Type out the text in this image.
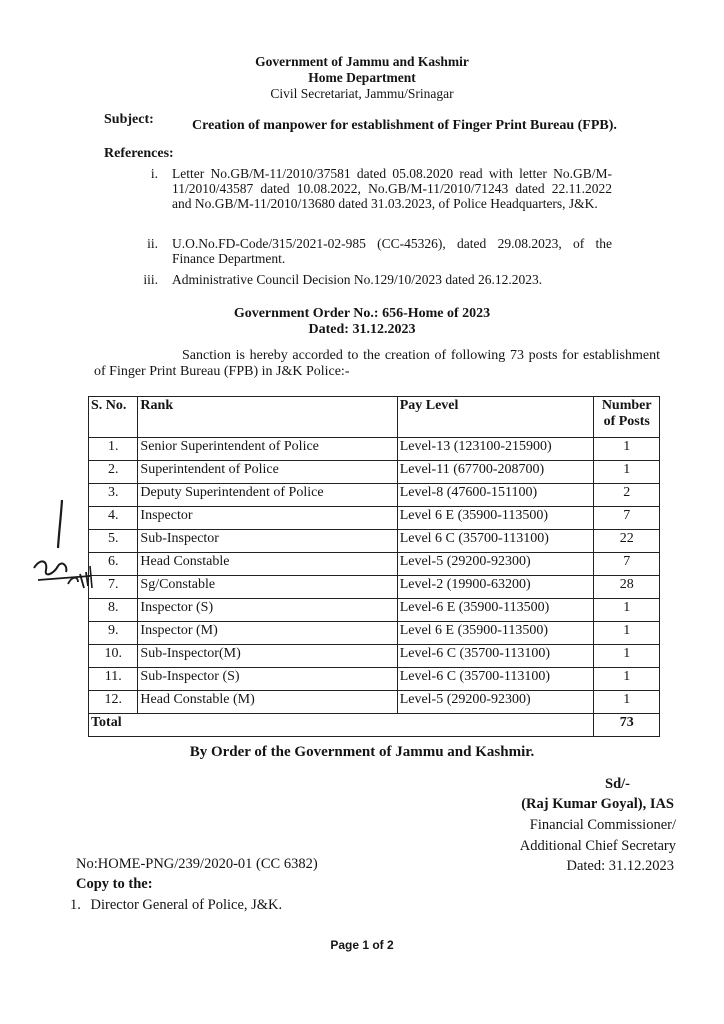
Government of Jammu and Kashmir
Home Department
Civil Secretariat, Jammu/Srinagar
Subject:	Creation of manpower for establishment of Finger Print Bureau (FPB).
References:
i. Letter No.GB/M-11/2010/37581 dated 05.08.2020 read with letter No.GB/M-11/2010/43587 dated 10.08.2022, No.GB/M-11/2010/71243 dated 22.11.2022 and No.GB/M-11/2010/13680 dated 31.03.2023, of Police Headquarters, J&K.
ii. U.O.No.FD-Code/315/2021-02-985 (CC-45326), dated 29.08.2023, of the Finance Department.
iii. Administrative Council Decision No.129/10/2023 dated 26.12.2023.
Government Order No.: 656-Home of 2023
Dated: 31.12.2023
Sanction is hereby accorded to the creation of following 73 posts for establishment of Finger Print Bureau (FPB) in J&K Police:-
S. No.	Rank	Pay Level	Number of Posts
1.	Senior Superintendent of Police	Level-13 (123100-215900)	1
2.	Superintendent of Police	Level-11 (67700-208700)	1
3.	Deputy Superintendent of Police	Level-8 (47600-151100)	2
4.	Inspector	Level 6 E (35900-113500)	7
5.	Sub-Inspector	Level 6 C (35700-113100)	22
6.	Head Constable	Level-5 (29200-92300)	7
7.	Sg/Constable	Level-2 (19900-63200)	28
8.	Inspector (S)	Level-6 E (35900-113500)	1
9.	Inspector (M)	Level 6 E (35900-113500)	1
10.	Sub-Inspector(M)	Level-6 C (35700-113100)	1
11.	Sub-Inspector (S)	Level-6 C (35700-113100)	1
12.	Head Constable (M)	Level-5 (29200-92300)	1
Total			73
By Order of the Government of Jammu and Kashmir.
Sd/-
(Raj Kumar Goyal), IAS
Financial Commissioner/
Additional Chief Secretary
Dated: 31.12.2023
No:HOME-PNG/239/2020-01 (CC 6382)
Copy to the:
1. Director General of Police, J&K.
Page 1 of 2
